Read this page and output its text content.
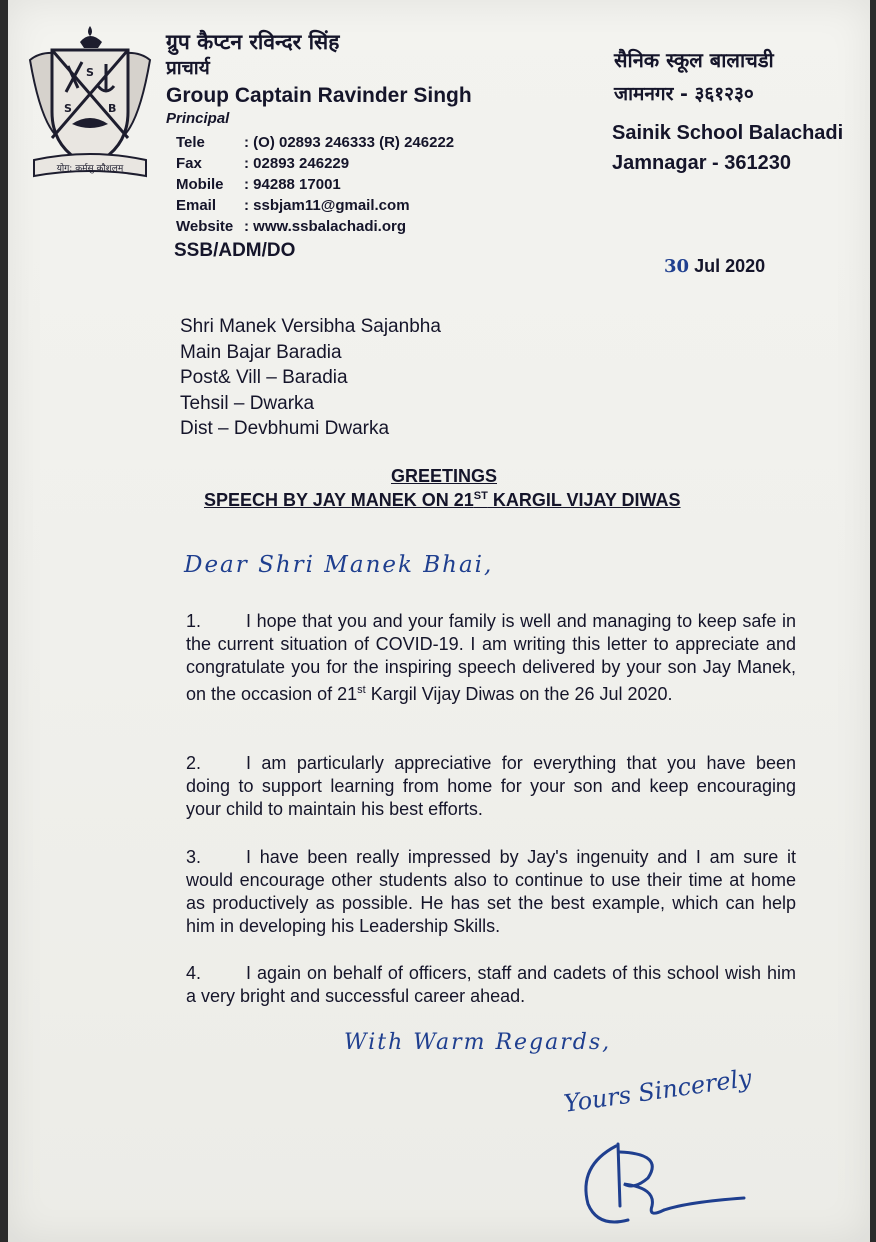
S
S	B
योग: कर्मसु कौशलम्
ग्रुप कैप्टन रविन्दर सिंह
प्राचार्य
Group Captain Ravinder Singh
Principal
Tele	: (O) 02893 246333 (R) 246222
Fax	: 02893 246229
Mobile : 94288 17001
Email : ssbjam11@gmail.com
Website : www.ssbalachadi.org
सैनिक स्कूल बालाचडी
जामनगर - ३६१२३०
Sainik School Balachadi
Jamnagar - 361230
SSB/ADM/DO
30 Jul 2020
Shri Manek Versibha Sajanbha
Main Bajar Baradia
Post& Vill – Baradia
Tehsil – Dwarka
Dist – Devbhumi Dwarka
GREETINGS
SPEECH BY JAY MANEK ON 21ST KARGIL VIJAY DIWAS
Dear Shri Manek Bhai,
1. I hope that you and your family is well and managing to keep safe in the current situation of COVID-19. I am writing this letter to appreciate and congratulate you for the inspiring speech delivered by your son Jay Manek, on the occasion of 21st Kargil Vijay Diwas on the 26 Jul 2020.
2. I am particularly appreciative for everything that you have been doing to support learning from home for your son and keep encouraging your child to maintain his best efforts.
3. I have been really impressed by Jay's ingenuity and I am sure it would encourage other students also to continue to use their time at home as productively as possible. He has set the best example, which can help him in developing his Leadership Skills.
4. I again on behalf of officers, staff and cadets of this school wish him a very bright and successful career ahead.
With Warm Regards,
Yours Sincerely
